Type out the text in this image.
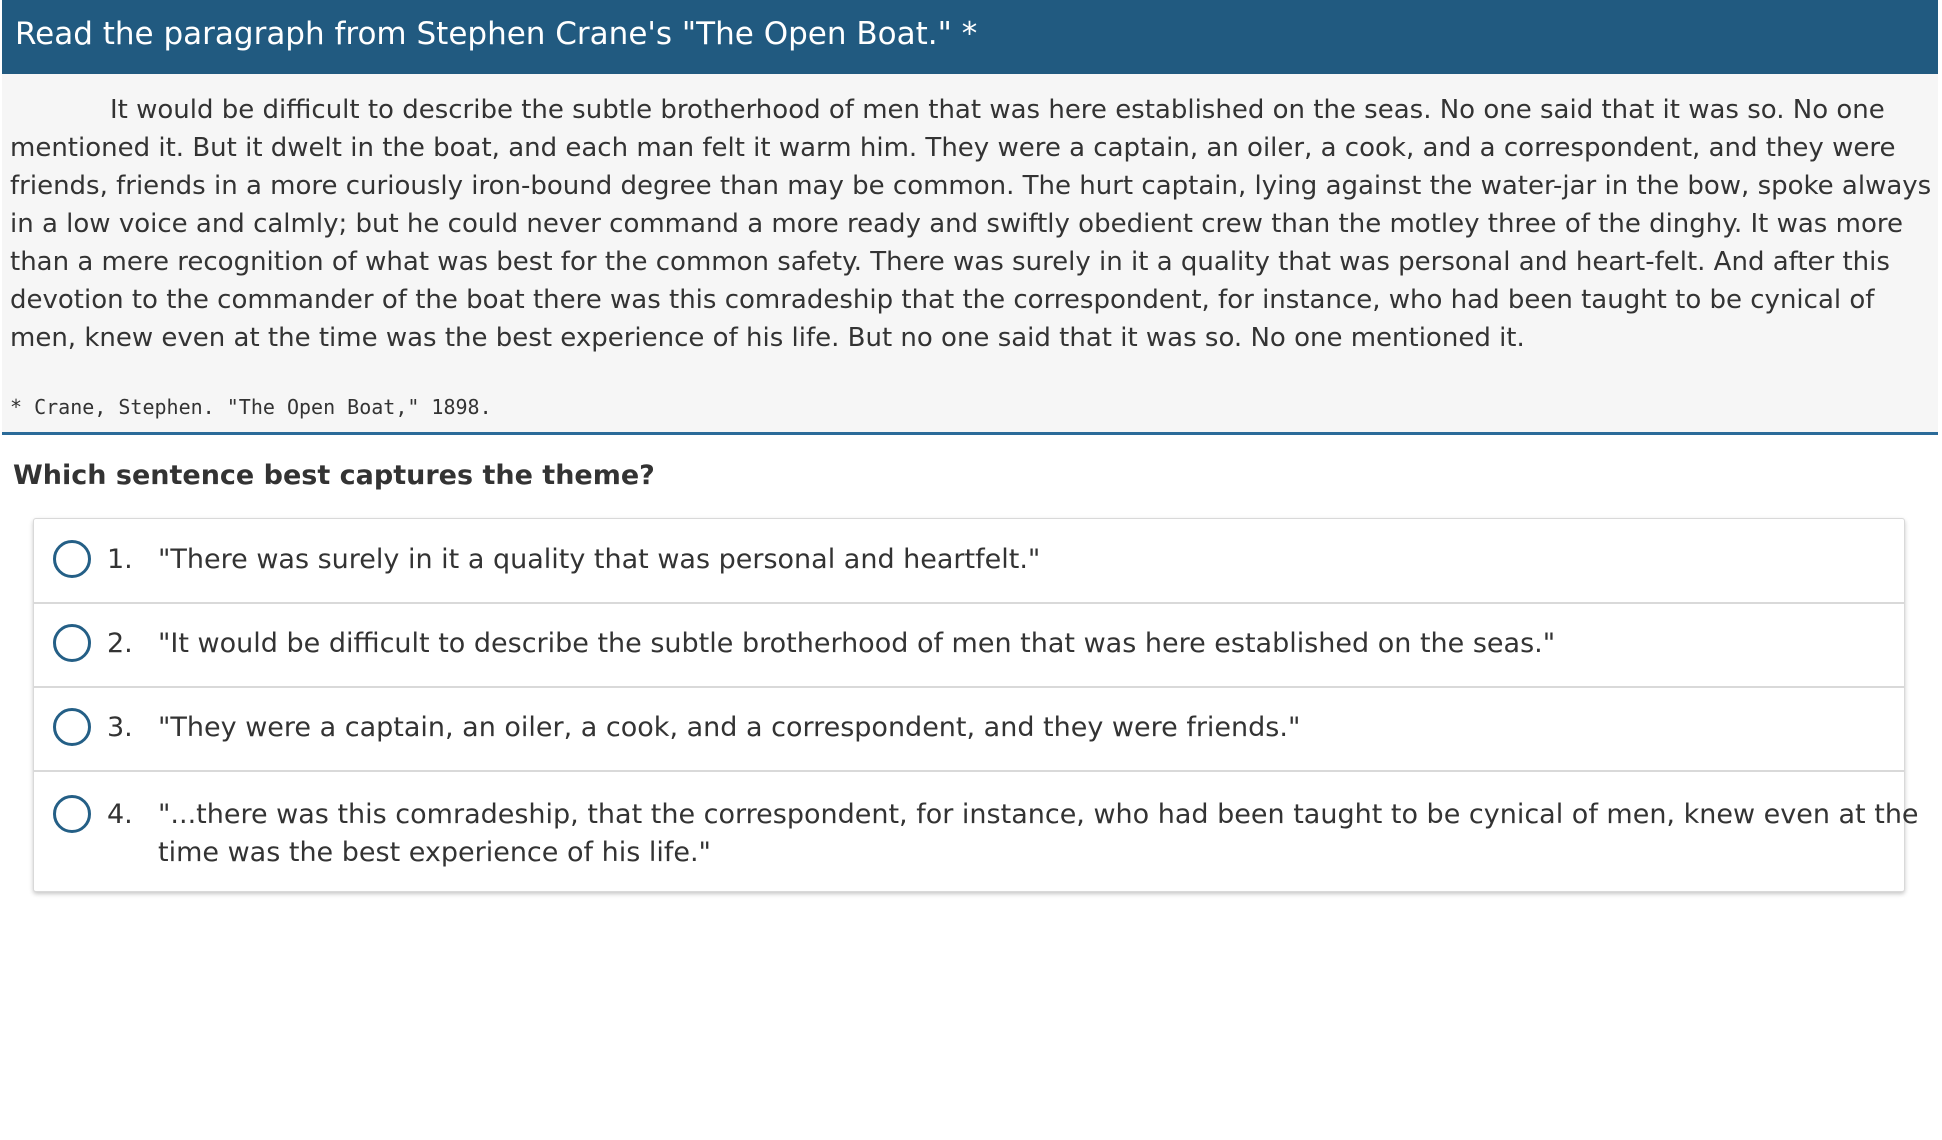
Read the paragraph from Stephen Crane's "The Open Boat." *

It would be difficult to describe the subtle brotherhood of men that was here established on the seas. No one said that it was so. No one
mentioned it. But it dwelt in the boat, and each man felt it warm him. They were a captain, an oiler, a cook, and a correspondent, and they were
friends, friends in a more curiously iron-bound degree than may be common. The hurt captain, lying against the water-jar in the bow, spoke always
in a low voice and calmly; but he could never command a more ready and swiftly obedient crew than the motley three of the dinghy. It was more
than a mere recognition of what was best for the common safety. There was surely in it a quality that was personal and heart-felt. And after this
devotion to the commander of the boat there was this comradeship that the correspondent, for instance, who had been taught to be cynical of
men, knew even at the time was the best experience of his life. But no one said that it was so. No one mentioned it.

* Crane, Stephen. "The Open Boat," 1898.
Which sentence best captures the theme?
1. "There was surely in it a quality that was personal and heartfelt."
2. "It would be difficult to describe the subtle brotherhood of men that was here established on the seas."
3. "They were a captain, an oiler, a cook, and a correspondent, and they were friends."
4. "...there was this comradeship, that the correspondent, for instance, who had been taught to be cynical of men, knew even at the
time was the best experience of his life."
